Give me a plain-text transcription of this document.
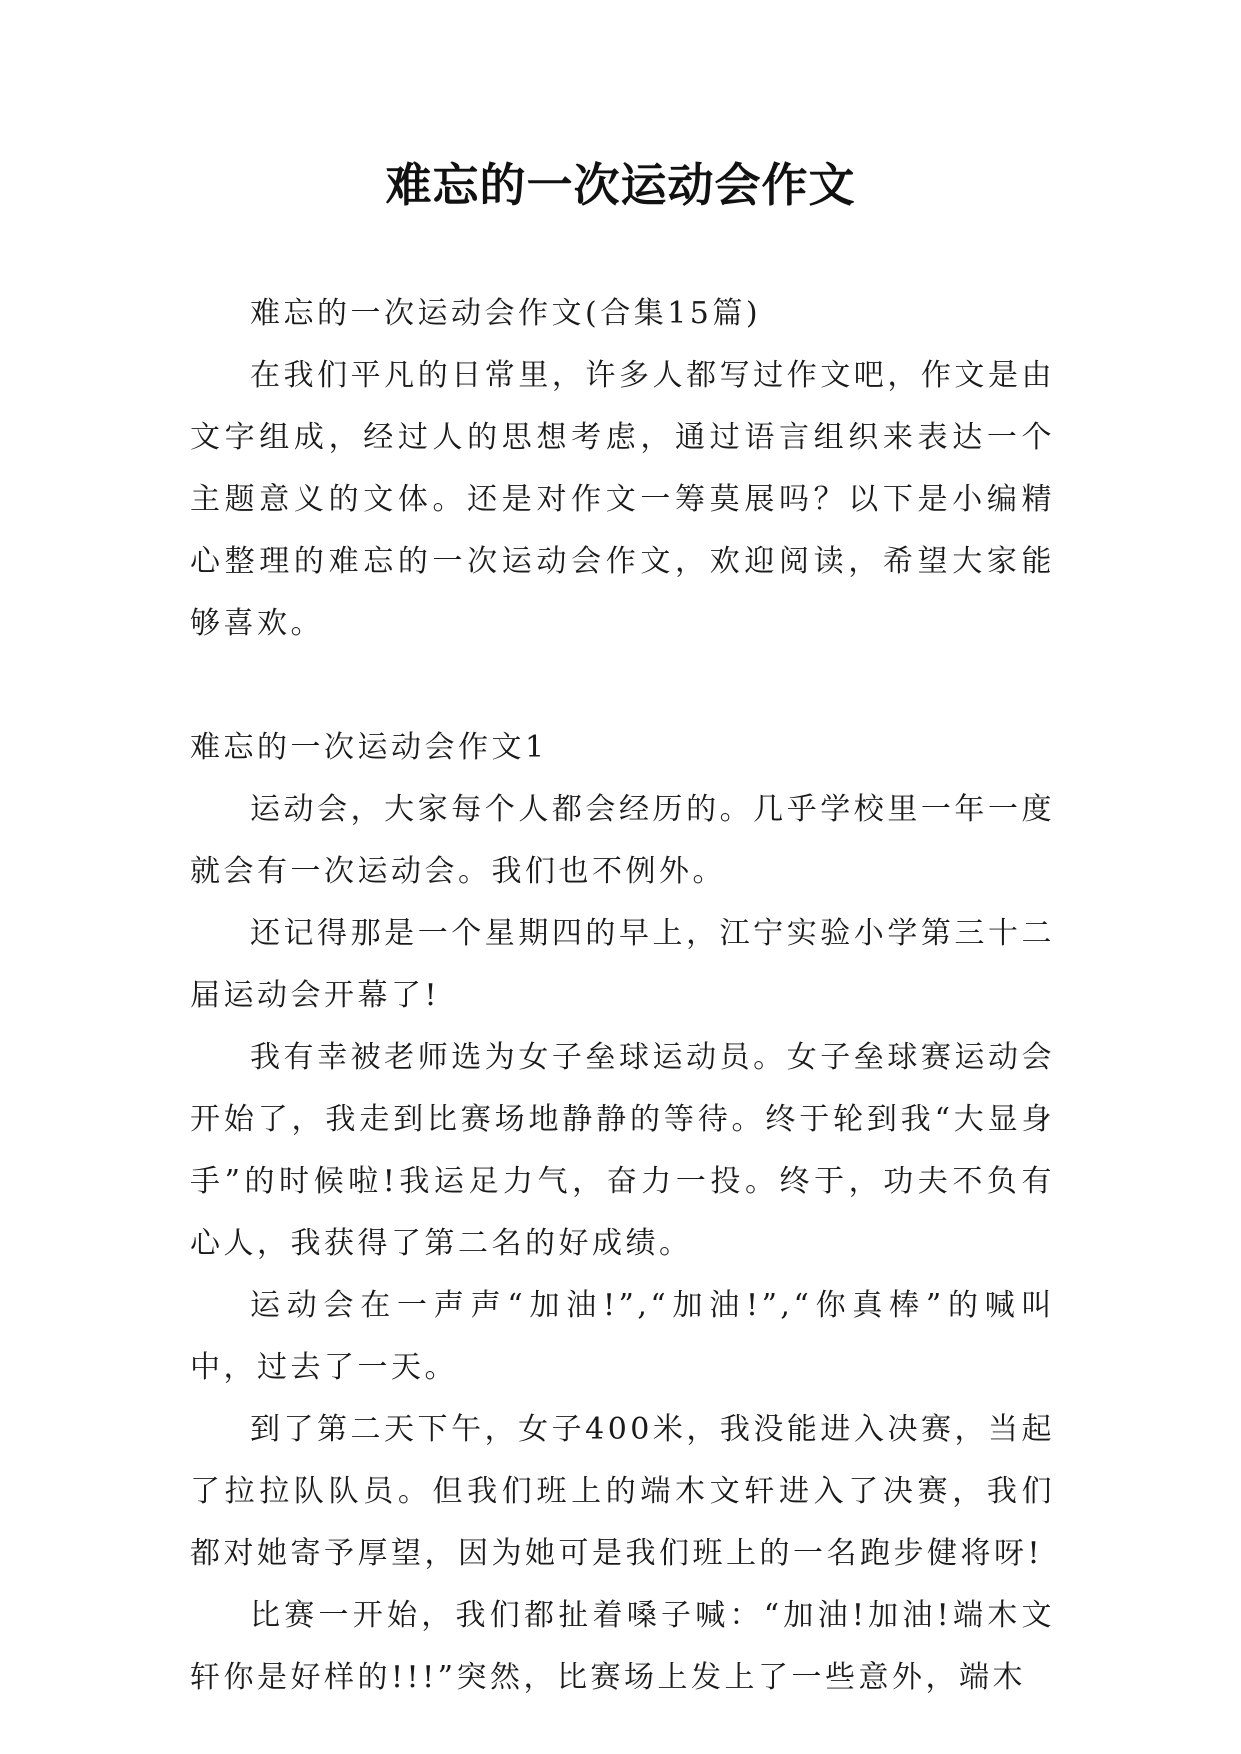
难忘的一次运动会作文

难忘的一次运动会作文(合集15篇)

在我们平凡的日常里，许多人都写过作文吧，作文是由文字组成，经过人的思想考虑，通过语言组织来表达一个主题意义的文体。还是对作文一筹莫展吗？以下是小编精心整理的难忘的一次运动会作文，欢迎阅读，希望大家能够喜欢。

难忘的一次运动会作文1

运动会，大家每个人都会经历的。几乎学校里一年一度就会有一次运动会。我们也不例外。

还记得那是一个星期四的早上，江宁实验小学第三十二届运动会开幕了!

我有幸被老师选为女子垒球运动员。女子垒球赛运动会开始了，我走到比赛场地静静的等待。终于轮到我“大显身手”的时候啦!我运足力气，奋力一投。终于，功夫不负有心人，我获得了第二名的好成绩。

运动会在一声声“加油!”,“加油!”,“你真棒”的喊叫中，过去了一天。

到了第二天下午，女子400米，我没能进入决赛，当起了拉拉队队员。但我们班上的端木文轩进入了决赛，我们都对她寄予厚望，因为她可是我们班上的一名跑步健将呀!

比赛一开始，我们都扯着嗓子喊：“加油!加油!端木文轩你是好样的!!!”突然，比赛场上发上了一些意外，端木
